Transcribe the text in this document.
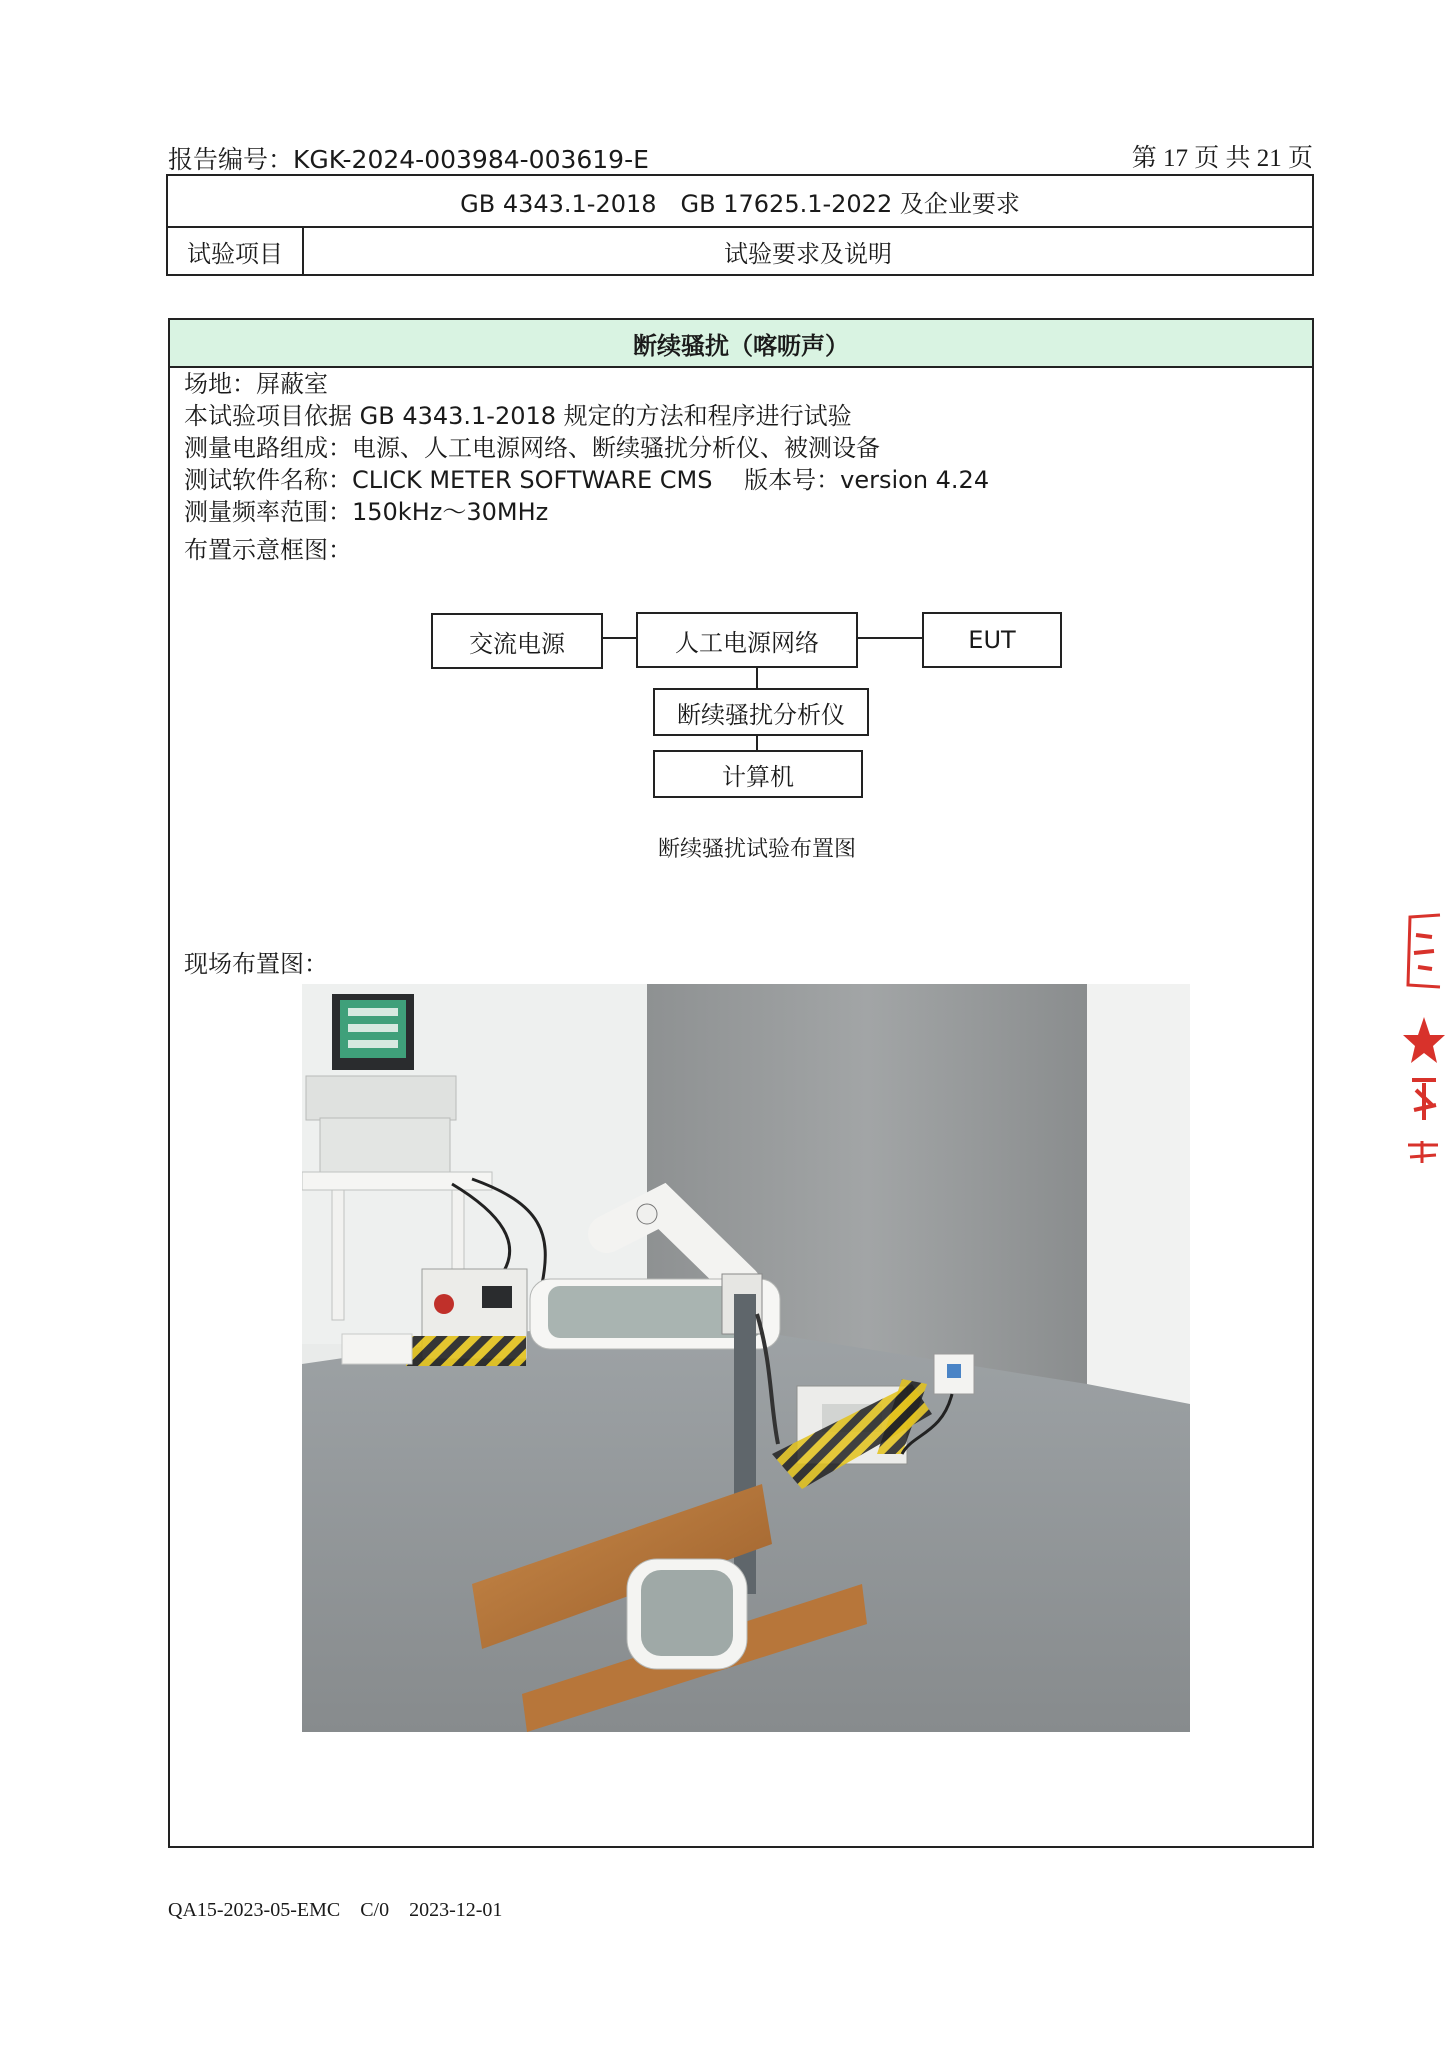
报告编号：KGK-2024-003984-003619-E	第 17 页 共 21 页
GB 4343.1-2018　GB 17625.1-2022 及企业要求
试验项目	试验要求及说明
断续骚扰（喀呖声）
场地：屏蔽室
本试验项目依据 GB 4343.1-2018 规定的方法和程序进行试验
测量电路组成：电源、人工电源网络、断续骚扰分析仪、被测设备
测试软件名称：CLICK METER SOFTWARE CMS　 版本号：version 4.24
测量频率范围：150kHz～30MHz
布置示意框图：
交流电源	人工电源网络	EUT
断续骚扰分析仪
计算机
断续骚扰试验布置图
现场布置图：
QA15-2023-05-EMC　C/0　2023-12-01
